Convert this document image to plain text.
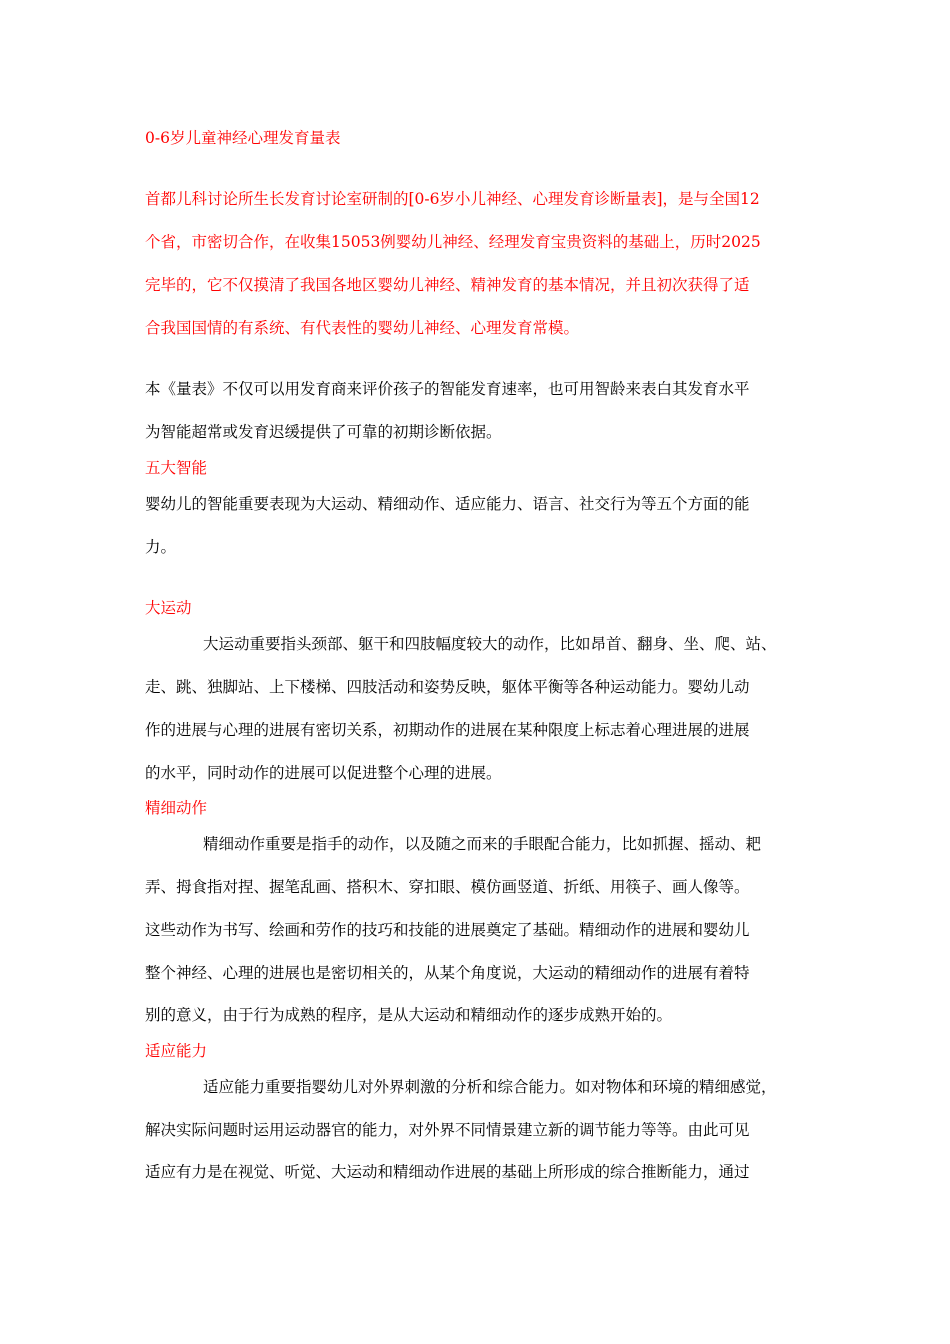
0-6岁儿童神经心理发育量表

首都儿科讨论所生长发育讨论室研制的[0-6岁小儿神经、心理发育诊断量表]，是与全国12

个省，市密切合作，在收集15053例婴幼儿神经、经理发育宝贵资料的基础上，历时2025

完毕的，它不仅摸清了我国各地区婴幼儿神经、精神发育的基本情况，并且初次获得了适

合我国国情的有系统、有代表性的婴幼儿神经、心理发育常模。

本《量表》不仅可以用发育商来评价孩子的智能发育速率，也可用智龄来表白其发育水平

为智能超常或发育迟缓提供了可靠的初期诊断依据。

五大智能

婴幼儿的智能重要表现为大运动、精细动作、适应能力、语言、社交行为等五个方面的能

力。

大运动

大运动重要指头颈部、躯干和四肢幅度较大的动作，比如昂首、翻身、坐、爬、站、

走、跳、独脚站、上下楼梯、四肢活动和姿势反映，躯体平衡等各种运动能力。婴幼儿动

作的进展与心理的进展有密切关系，初期动作的进展在某种限度上标志着心理进展的进展

的水平，同时动作的进展可以促进整个心理的进展。

精细动作

精细动作重要是指手的动作，以及随之而来的手眼配合能力，比如抓握、摇动、耙

弄、拇食指对捏、握笔乱画、搭积木、穿扣眼、模仿画竖道、折纸、用筷子、画人像等。

这些动作为书写、绘画和劳作的技巧和技能的进展奠定了基础。精细动作的进展和婴幼儿

整个神经、心理的进展也是密切相关的，从某个角度说，大运动的精细动作的进展有着特

别的意义，由于行为成熟的程序，是从大运动和精细动作的逐步成熟开始的。

适应能力

适应能力重要指婴幼儿对外界刺激的分析和综合能力。如对物体和环境的精细感觉，

解决实际问题时运用运动器官的能力，对外界不同情景建立新的调节能力等等。由此可见

适应有力是在视觉、听觉、大运动和精细动作进展的基础上所形成的综合推断能力，通过
